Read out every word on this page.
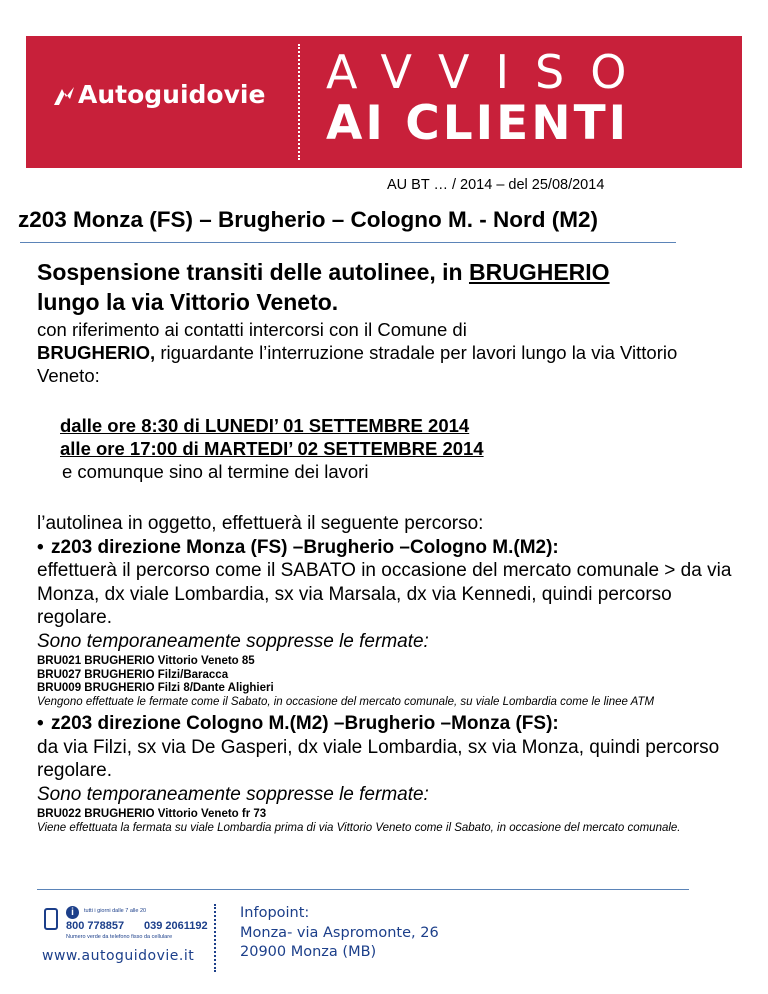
Autoguidovie AVVISO
AI CLIENTI
AU BT … / 2014 – del 25/08/2014
z203 Monza (FS) – Brugherio – Cologno M. - Nord (M2)
Sospensione transiti delle autolinee, in BRUGHERIO
lungo la via Vittorio Veneto.
con riferimento ai contatti intercorsi con il Comune di
BRUGHERIO, riguardante l’interruzione stradale per lavori lungo la via Vittorio Veneto:
dalle ore 8:30 di LUNEDI’ 01 SETTEMBRE 2014
alle ore 17:00 di MARTEDI’ 02 SETTEMBRE 2014
e comunque sino al termine dei lavori
l’autolinea in oggetto, effettuerà il seguente percorso:
• z203 direzione Monza (FS) –Brugherio –Cologno M.(M2):
effettuerà il percorso come il SABATO in occasione del mercato comunale > da via Monza, dx viale Lombardia, sx via Marsala, dx via Kennedi, quindi percorso regolare.
Sono temporaneamente soppresse le fermate:
BRU021 BRUGHERIO Vittorio Veneto 85
BRU027 BRUGHERIO Filzi/Baracca
BRU009 BRUGHERIO Filzi 8/Dante Alighieri
Vengono effettuate le fermate come il Sabato, in occasione del mercato comunale, su viale Lombardia come le linee ATM
• z203 direzione Cologno M.(M2) –Brugherio –Monza (FS):
da via Filzi, sx via De Gasperi, dx viale Lombardia, sx via Monza, quindi percorso regolare.
Sono temporaneamente soppresse le fermate:
BRU022 BRUGHERIO Vittorio Veneto fr 73
Viene effettuata la fermata su viale Lombardia prima di via Vittorio Veneto come il Sabato, in occasione del mercato comunale.
i	tutti i giorni dalle 7 alle 20
800 778857 039 2061192
Numero verde da telefono fisso da cellulare
www.autoguidovie.it
Infopoint:
Monza- via Aspromonte, 26
20900 Monza (MB)
